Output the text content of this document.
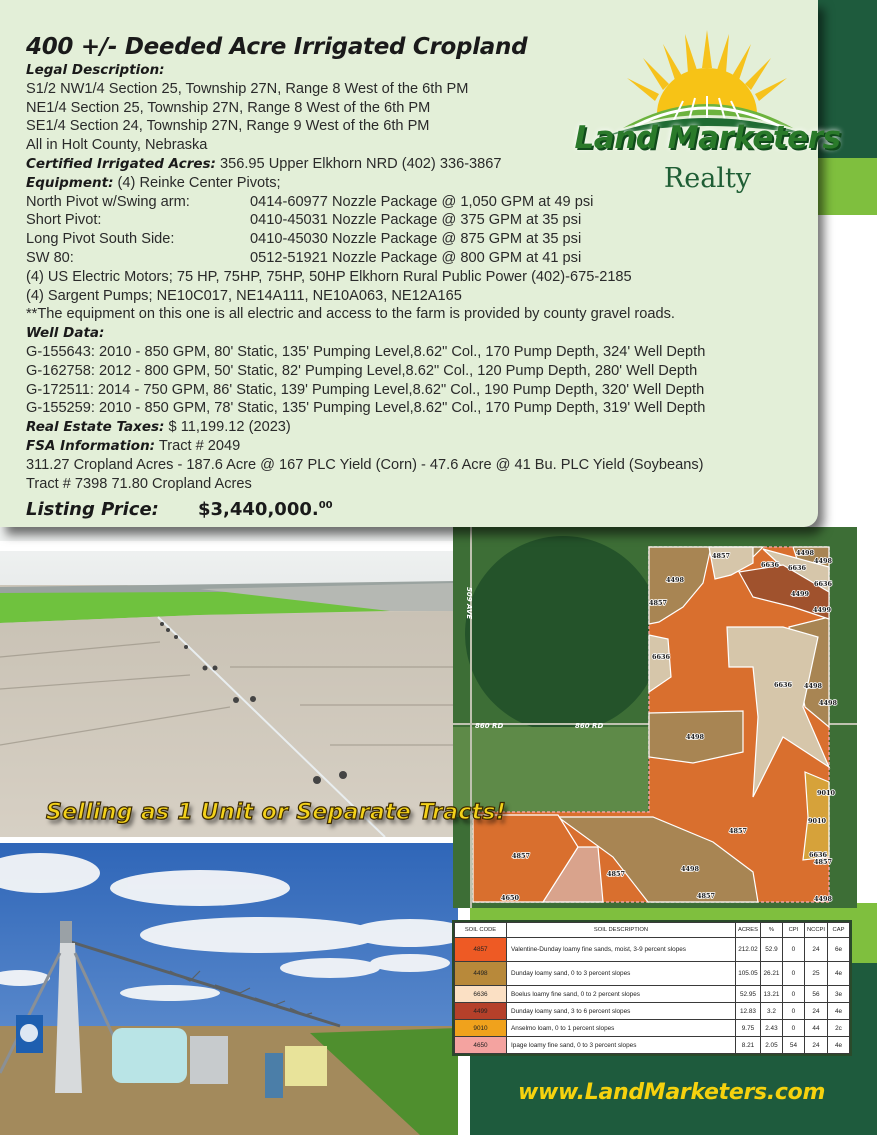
400 +/- Deeded Acre Irrigated Cropland
Legal Description:
S1/2 NW1/4 Section 25, Township 27N, Range 8 West of the 6th PM
NE1/4 Section 25, Township 27N, Range 8 West of the 6th PM
SE1/4 Section 24, Township 27N, Range 9 West of the 6th PM
All in Holt County, Nebraska
Certified Irrigated Acres: 356.95 Upper Elkhorn NRD (402) 336-3867
Equipment: (4) Reinke Center Pivots;
North Pivot w/Swing arm:	0414-60977 Nozzle Package @ 1,050 GPM at 49 psi
Short Pivot:	0410-45031 Nozzle Package @ 375 GPM at 35 psi
Long Pivot South Side:	0410-45030 Nozzle Package @ 875 GPM at 35 psi
SW 80:	0512-51921 Nozzle Package @ 800 GPM at 41 psi
(4) US Electric Motors; 75 HP, 75HP, 75HP, 50HP Elkhorn Rural Public Power (402)-675-2185
(4) Sargent Pumps; NE10C017, NE14A111, NE10A063, NE12A165
**The equipment on this one is all electric and access to the farm is provided by county gravel roads.
Well Data:
G-155643: 2010 - 850 GPM, 80' Static, 135' Pumping Level,8.62" Col., 170 Pump Depth, 324' Well Depth
G-162758: 2012 - 800 GPM, 50' Static, 82' Pumping Level,8.62" Col., 120 Pump Depth, 280' Well Depth
G-172511: 2014 - 750 GPM, 86' Static, 139' Pumping Level,8.62" Col., 190 Pump Depth, 320' Well Depth
G-155259: 2010 - 850 GPM, 78' Static, 135' Pumping Level,8.62" Col., 170 Pump Depth, 319' Well Depth
Real Estate Taxes: $ 11,199.12 (2023)
FSA Information: Tract # 2049
311.27 Cropland Acres - 187.6 Acre @ 167 PLC Yield (Corn) - 47.6 Acre @ 41 Bu. PLC Yield (Soybeans)
Tract # 7398 71.80 Cropland Acres
Listing Price: $3,440,000.00
Land Marketers
Realty
509 AVE
860 RD	860 RD
4857
6636
4498
4498
6636
6636
4499
4499
4498
4857
6636
6636 4498
4498
4498
9010
9010
4857
6636
4857
4857
4857
4498
4857
4650	4498
Selling as 1 Unit or Separate Tracts!
SOIL CODE	SOIL DESCRIPTION	ACRES	%	CPI	NCCPI	CAP
4857	Valentine-Dunday loamy fine sands, moist, 3-9 percent slopes	212.02	52.9	0	24	6e
4498	Dunday loamy sand, 0 to 3 percent slopes	105.05	26.21	0	25	4e
6636	Boelus loamy fine sand, 0 to 2 percent slopes	52.95	13.21	0	56	3e
4499	Dunday loamy sand, 3 to 6 percent slopes	12.83	3.2	0	24	4e
9010	Anselmo loam, 0 to 1 percent slopes	9.75	2.43	0	44	2c
4650	Ipage loamy fine sand, 0 to 3 percent slopes	8.21	2.05	54	24	4e
www.LandMarketers.com
